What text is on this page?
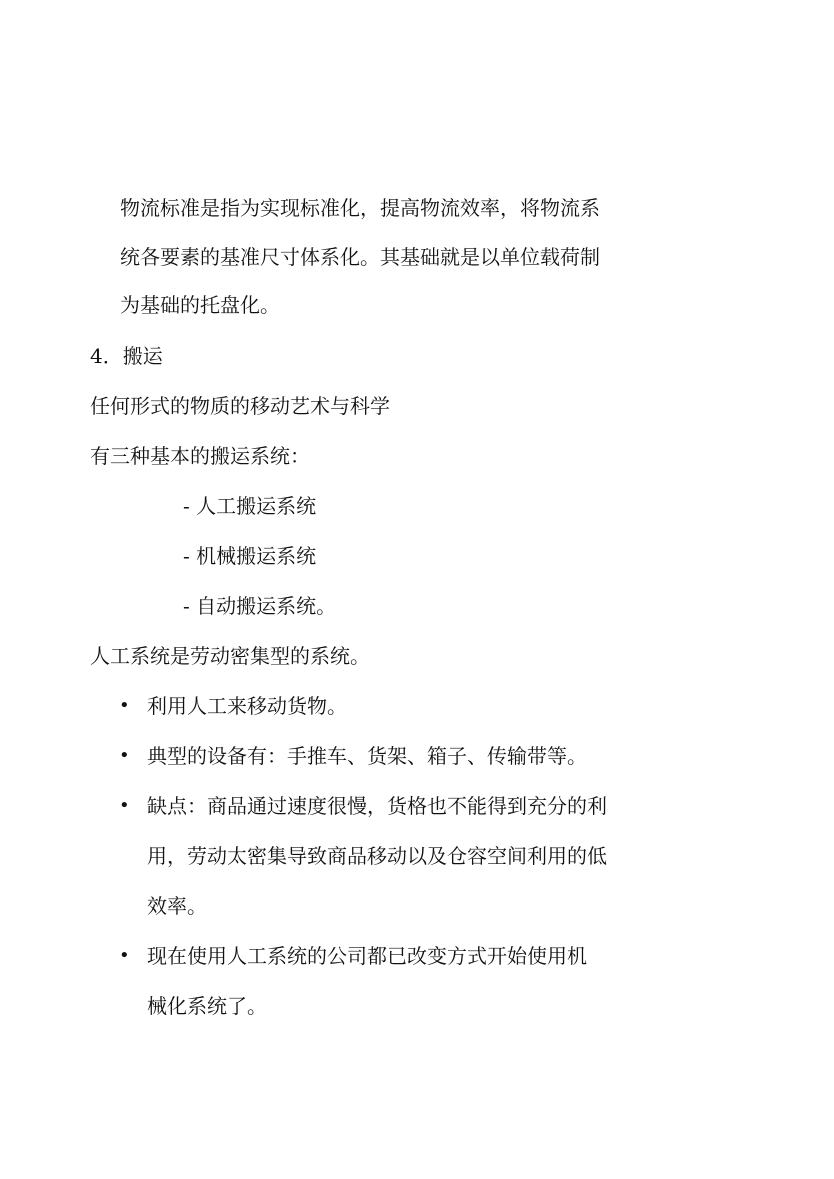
物流标准是指为实现标准化，提高物流效率，将物流系
统各要素的基准尺寸体系化。其基础就是以单位载荷制
为基础的托盘化。
4．搬运
任何形式的物质的移动艺术与科学
有三种基本的搬运系统：
- 人工搬运系统
- 机械搬运系统
- 自动搬运系统。
人工系统是劳动密集型的系统。
• 利用人工来移动货物。
• 典型的设备有：手推车、货架、箱子、传输带等。
• 缺点：商品通过速度很慢，货格也不能得到充分的利
用，劳动太密集导致商品移动以及仓容空间利用的低
效率。
• 现在使用人工系统的公司都已改变方式开始使用机
械化系统了。
